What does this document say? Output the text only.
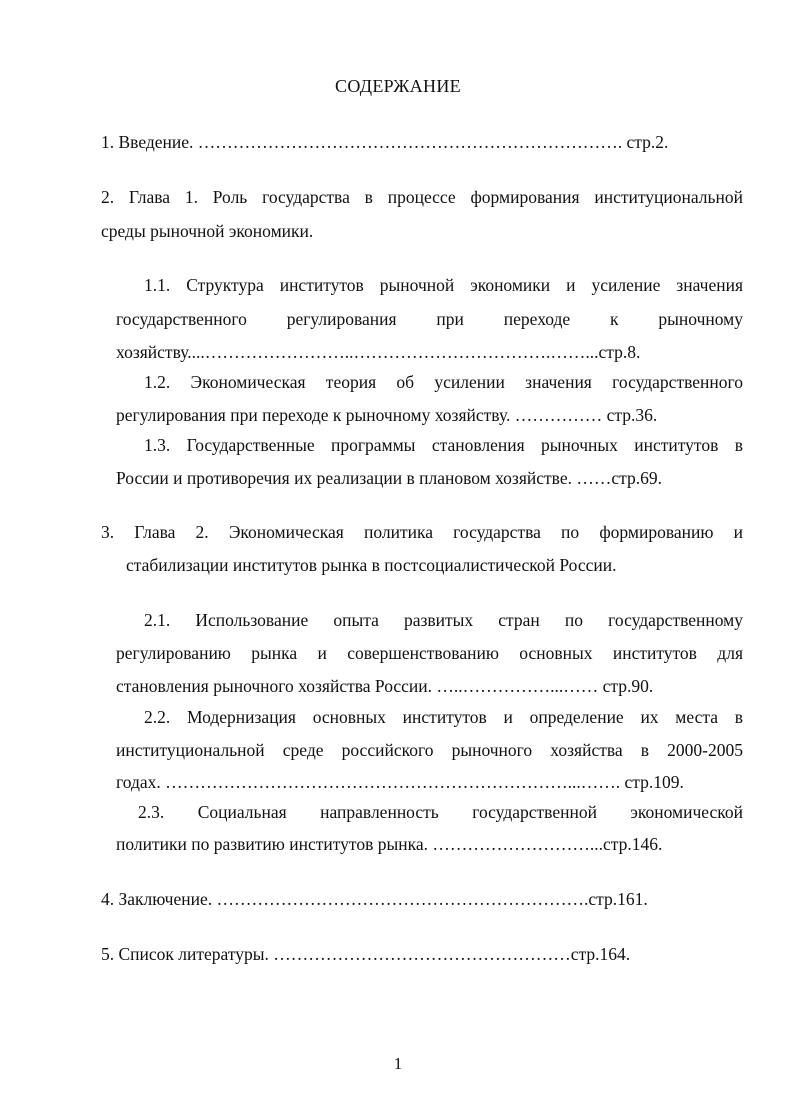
СОДЕРЖАНИЕ
1. Введение. ………………………………………………………………. стр.2.
2. Глава 1. Роль государства в процессе формирования институциональной
среды рыночной экономики.
1.1. Структура институтов рыночной экономики и усиление значения
государственного регулирования при переходе к рыночному
хозяйству....……………………..…………………………….……...стр.8.
1.2. Экономическая теория об усилении значения государственного
регулирования при переходе к рыночному хозяйству. …………… стр.36.
1.3. Государственные программы становления рыночных институтов в
России и противоречия их реализации в плановом хозяйстве. ……стр.69.
3. Глава 2. Экономическая политика государства по формированию и
стабилизации институтов рынка в постсоциалистической России.
2.1. Использование опыта развитых стран по государственному
регулированию рынка и совершенствованию основных институтов для
становления рыночного хозяйства России. …..……………...…… стр.90.
2.2. Модернизация основных институтов и определение их места в
институциональной среде российского рыночного хозяйства в 2000-2005
годах. ……………………………………………………………...……. стр.109.
2.3. Социальная направленность государственной экономической
политики по развитию институтов рынка. ………………………...стр.146.
4. Заключение. ……………………………………………………….стр.161.
5. Список литературы. ……………………………………………стр.164.
1
